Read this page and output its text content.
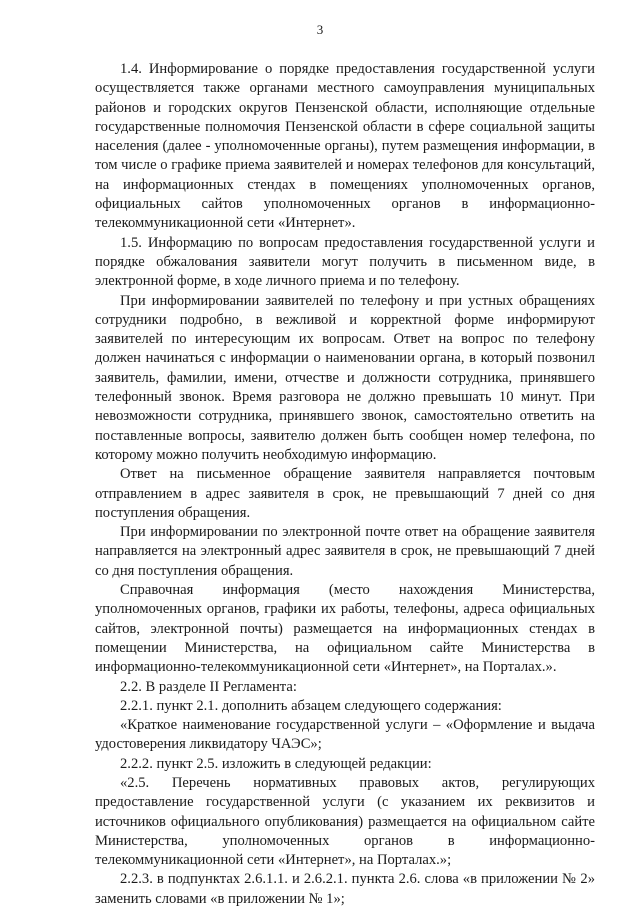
3

1.4. Информирование о порядке предоставления государственной услуги осуществляется также органами местного самоуправления муниципальных районов и городских округов Пензенской области, исполняющие отдельные государственные полномочия Пензенской области в сфере социальной защиты населения (далее - уполномоченные органы), путем размещения информации, в том числе о графике приема заявителей и номерах телефонов для консультаций, на информационных стендах в помещениях уполномоченных органов, официальных сайтов уполномоченных органов в информационно-телекоммуникационной сети «Интернет».

1.5. Информацию по вопросам предоставления государственной услуги и порядке обжалования заявители могут получить в письменном виде, в электронной форме, в ходе личного приема и по телефону.

При информировании заявителей по телефону и при устных обращениях сотрудники подробно, в вежливой и корректной форме информируют заявителей по интересующим их вопросам. Ответ на вопрос по телефону должен начинаться с информации о наименовании органа, в который позвонил заявитель, фамилии, имени, отчестве и должности сотрудника, принявшего телефонный звонок. Время разговора не должно превышать 10 минут. При невозможности сотрудника, принявшего звонок, самостоятельно ответить на поставленные вопросы, заявителю должен быть сообщен номер телефона, по которому можно получить необходимую информацию.

Ответ на письменное обращение заявителя направляется почтовым отправлением в адрес заявителя в срок, не превышающий 7 дней со дня поступления обращения.

При информировании по электронной почте ответ на обращение заявителя направляется на электронный адрес заявителя в срок, не превышающий 7 дней со дня поступления обращения.

Справочная информация (место нахождения Министерства, уполномоченных органов, графики их работы, телефоны, адреса официальных сайтов, электронной почты) размещается на информационных стендах в помещении Министерства, на официальном сайте Министерства в информационно-телекоммуникационной сети «Интернет», на Порталах.».

2.2. В разделе II Регламента:

2.2.1. пункт 2.1. дополнить абзацем следующего содержания:

«Краткое наименование государственной услуги – «Оформление и выдача удостоверения ликвидатору ЧАЭС»;

2.2.2. пункт 2.5. изложить в следующей редакции:

«2.5. Перечень нормативных правовых актов, регулирующих предоставление государственной услуги (с указанием их реквизитов и источников официального опубликования) размещается на официальном сайте Министерства, уполномоченных органов в информационно-телекоммуникационной сети «Интернет», на Порталах.»;

2.2.3. в подпунктах 2.6.1.1. и 2.6.2.1. пункта 2.6. слова «в приложении № 2» заменить словами «в приложении № 1»;
